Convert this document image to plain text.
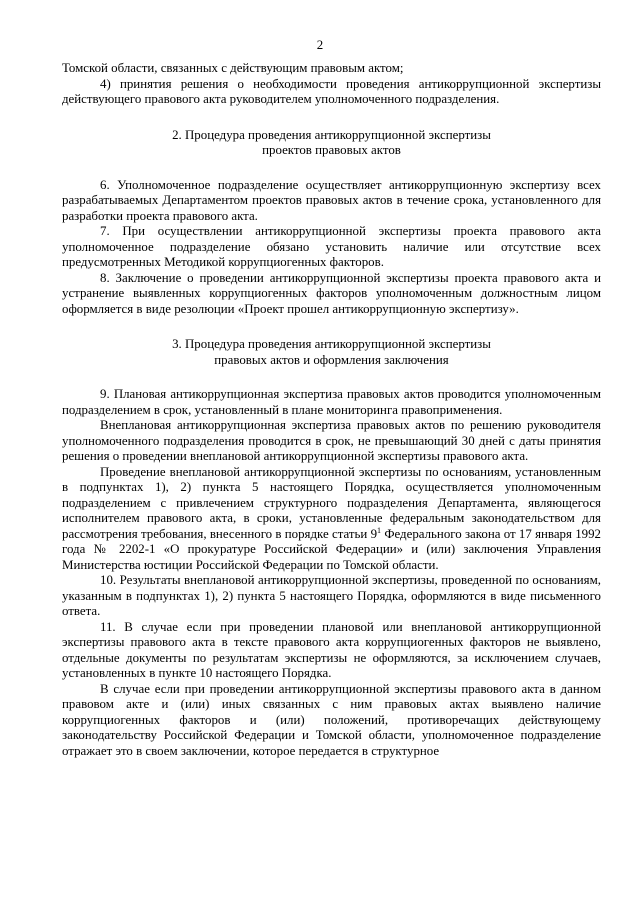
2

Томской области, связанных с действующим правовым актом;

4) принятия решения о необходимости проведения антикоррупционной экспертизы действующего правового акта руководителем уполномоченного подразделения.

2. Процедура проведения антикоррупционной экспертизы
проектов правовых актов

6. Уполномоченное подразделение осуществляет антикоррупционную экспертизу всех разрабатываемых Департаментом проектов правовых актов в течение срока, установленного для разработки проекта правового акта.

7. При осуществлении антикоррупционной экспертизы проекта правового акта уполномоченное подразделение обязано установить наличие или отсутствие всех предусмотренных Методикой коррупциогенных факторов.

8. Заключение о проведении антикоррупционной экспертизы проекта правового акта и устранение выявленных коррупциогенных факторов уполномоченным должностным лицом оформляется в виде резолюции «Проект прошел антикоррупционную экспертизу».

3. Процедура проведения антикоррупционной экспертизы
правовых актов и оформления заключения

9. Плановая антикоррупционная экспертиза правовых актов проводится уполномоченным подразделением в срок, установленный в плане мониторинга правоприменения.

Внеплановая антикоррупционная экспертиза правовых актов по решению руководителя уполномоченного подразделения проводится в срок, не превышающий 30 дней с даты принятия решения о проведении внеплановой антикоррупционной экспертизы правового акта.

Проведение внеплановой антикоррупционной экспертизы по основаниям, установленным в подпунктах 1), 2) пункта 5 настоящего Порядка, осуществляется уполномоченным подразделением с привлечением структурного подразделения Департамента, являющегося исполнителем правового акта, в сроки, установленные федеральным законодательством для рассмотрения требования, внесенного в порядке статьи $9^1$ Федерального закона от 17 января 1992 года № 2202-1 «О прокуратуре Российской Федерации» и (или) заключения Управления Министерства юстиции Российской Федерации по Томской области.

10. Результаты внеплановой антикоррупционной экспертизы, проведенной по основаниям, указанным в подпунктах 1), 2) пункта 5 настоящего Порядка, оформляются в виде письменного ответа.

11. В случае если при проведении плановой или внеплановой антикоррупционной экспертизы правового акта в тексте правового акта коррупциогенных факторов не выявлено, отдельные документы по результатам экспертизы не оформляются, за исключением случаев, установленных в пункте 10 настоящего Порядка.

В случае если при проведении антикоррупционной экспертизы правового акта в данном правовом акте и (или) иных связанных с ним правовых актах выявлено наличие коррупциогенных факторов и (или) положений, противоречащих действующему законодательству Российской Федерации и Томской области, уполномоченное подразделение отражает это в своем заключении, которое передается в структурное
